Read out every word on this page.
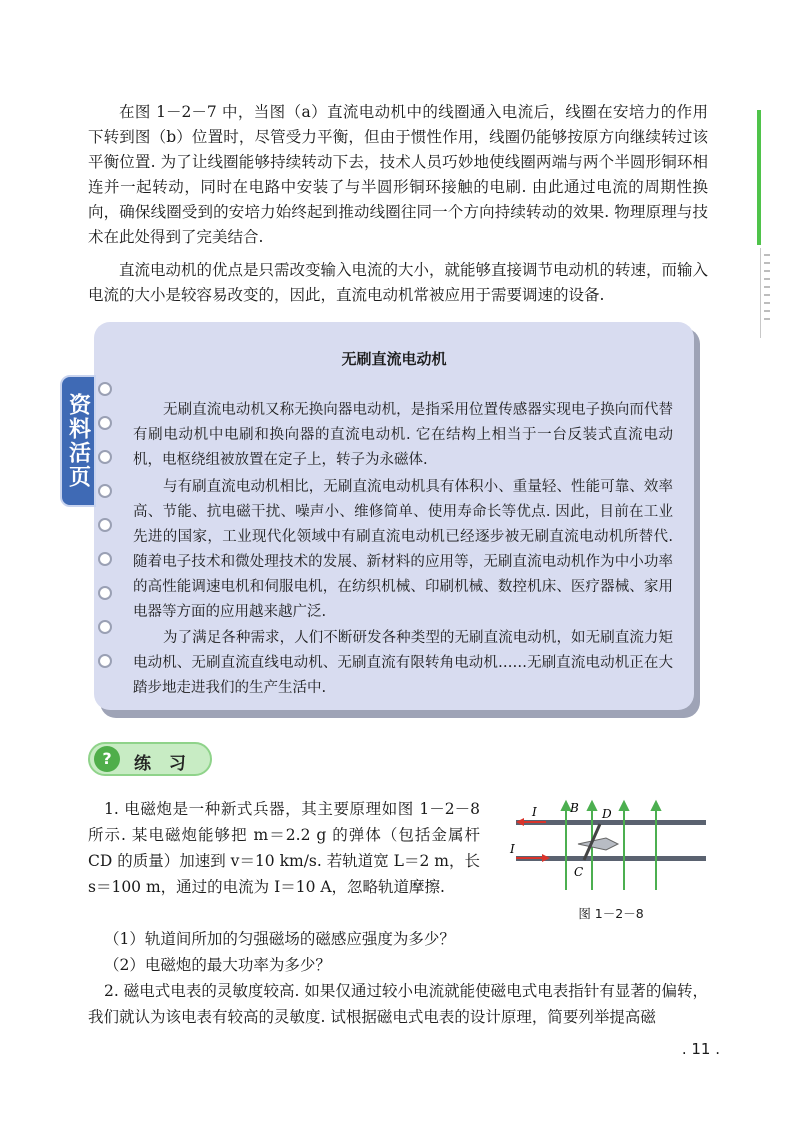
在图 1－2－7 中，当图（a）直流电动机中的线圈通入电流后，线圈在安培力的作用下转到图（b）位置时，尽管受力平衡，但由于惯性作用，线圈仍能够按原方向继续转过该平衡位置. 为了让线圈能够持续转动下去，技术人员巧妙地使线圈两端与两个半圆形铜环相连并一起转动，同时在电路中安装了与半圆形铜环接触的电刷. 由此通过电流的周期性换向，确保线圈受到的安培力始终起到推动线圈往同一个方向持续转动的效果. 物理原理与技术在此处得到了完美结合.

直流电动机的优点是只需改变输入电流的大小，就能够直接调节电动机的转速，而输入电流的大小是较容易改变的，因此，直流电动机常被应用于需要调速的设备.

资料活页
无刷直流电动机

无刷直流电动机又称无换向器电动机，是指采用位置传感器实现电子换向而代替有刷电动机中电刷和换向器的直流电动机. 它在结构上相当于一台反装式直流电动机，电枢绕组被放置在定子上，转子为永磁体.

与有刷直流电动机相比，无刷直流电动机具有体积小、重量轻、性能可靠、效率高、节能、抗电磁干扰、噪声小、维修简单、使用寿命长等优点. 因此，目前在工业先进的国家，工业现代化领域中有刷直流电动机已经逐步被无刷直流电动机所替代. 随着电子技术和微处理技术的发展、新材料的应用等，无刷直流电动机作为中小功率的高性能调速电机和伺服电机，在纺织机械、印刷机械、数控机床、医疗器械、家用电器等方面的应用越来越广泛.

为了满足各种需求，人们不断研发各种类型的无刷直流电动机，如无刷直流力矩电动机、无刷直流直线电动机、无刷直流有限转角电动机……无刷直流电动机正在大踏步地走进我们的生产生活中.

?	练 习

1. 电磁炮是一种新式兵器，其主要原理如图 1－2－8 所示. 某电磁炮能够把 m＝2.2 g 的弹体（包括金属杆 CD 的质量）加速到 v＝10 km/s. 若轨道宽 L＝2 m，长 s＝100 m，通过的电流为 I＝10 A，忽略轨道摩擦.

（1）轨道间所加的匀强磁场的磁感应强度为多少？

（2）电磁炮的最大功率为多少？

2. 磁电式电表的灵敏度较高. 如果仅通过较小电流就能使磁电式电表指针有显著的偏转，我们就认为该电表有较高的灵敏度. 试根据磁电式电表的设计原理，简要列举提高磁

I
I
B D
C
图 1－2－8
. 11 .
